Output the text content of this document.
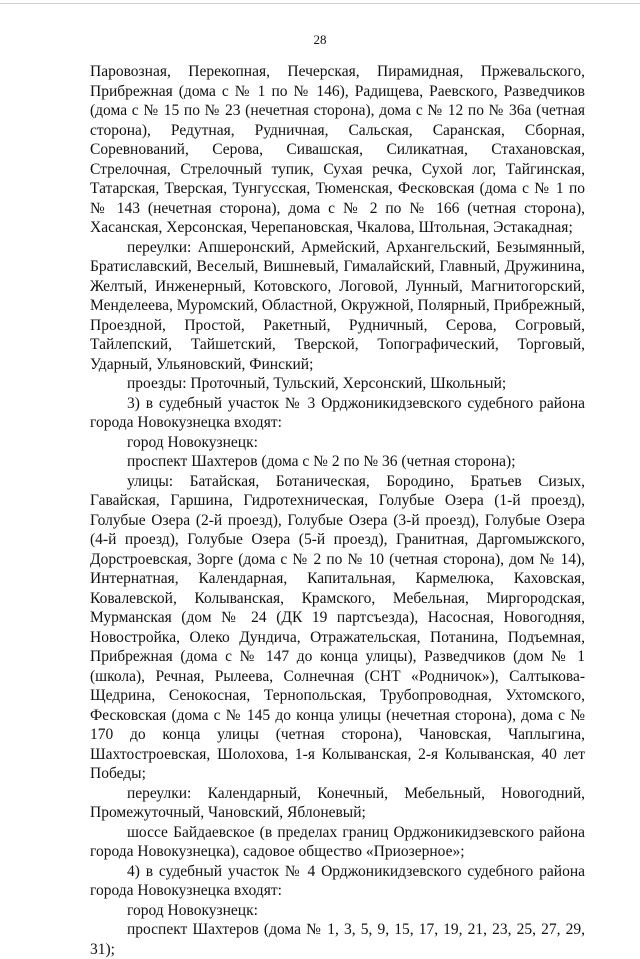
28

Паровозная, Перекопная, Печерская, Пирамидная, Пржевальского, Прибрежная (дома с № 1 по № 146), Радищева, Раевского, Разведчиков (дома с № 15 по № 23 (нечетная сторона), дома с № 12 по № 36а (четная сторона), Редутная, Рудничная, Сальская, Саранская, Сборная, Соревнований, Серова, Сивашская, Силикатная, Стахановская, Стрелочная, Стрелочный тупик, Сухая речка, Сухой лог, Тайгинская, Татарская, Тверская, Тунгусская, Тюменская, Фесковская (дома с № 1 по № 143 (нечетная сторона), дома с № 2 по № 166 (четная сторона), Хасанская, Херсонская, Черепановская, Чкалова, Штольная, Эстакадная;

переулки: Апшеронский, Армейский, Архангельский, Безымянный, Братиславский, Веселый, Вишневый, Гималайский, Главный, Дружинина, Желтый, Инженерный, Котовского, Логовой, Лунный, Магнитогорский, Менделеева, Муромский, Областной, Окружной, Полярный, Прибрежный, Проездной, Простой, Ракетный, Рудничный, Серова, Согровый, Тайлепский, Тайшетский, Тверской, Топографический, Торговый, Ударный, Ульяновский, Финский;

проезды: Проточный, Тульский, Херсонский, Школьный;

3) в судебный участок № 3 Орджоникидзевского судебного района города Новокузнецка входят:

город Новокузнецк:

проспект Шахтеров (дома с № 2 по № 36 (четная сторона);

улицы: Батайская, Ботаническая, Бородино, Братьев Сизых, Гавайская, Гаршина, Гидротехническая, Голубые Озера (1-й проезд), Голубые Озера (2-й проезд), Голубые Озера (3-й проезд), Голубые Озера (4-й проезд), Голубые Озера (5-й проезд), Гранитная, Даргомыжского, Дорстроевская, Зорге (дома с № 2 по № 10 (четная сторона), дом № 14), Интернатная, Календарная, Капитальная, Кармелюка, Каховская, Ковалевской, Колыванская, Крамского, Мебельная, Миргородская, Мурманская (дом № 24 (ДК 19 партсъезда), Насосная, Новогодняя, Новостройка, Олеко Дундича, Отражательская, Потанина, Подъемная, Прибрежная (дома с № 147 до конца улицы), Разведчиков (дом № 1 (школа), Речная, Рылеева, Солнечная (СНТ «Родничок»), Салтыкова-Щедрина, Сенокосная, Тернопольская, Трубопроводная, Ухтомского, Фесковская (дома с № 145 до конца улицы (нечетная сторона), дома с № 170 до конца улицы (четная сторона), Чановская, Чаплыгина, Шахтостроевская, Шолохова, 1-я Колыванская, 2-я Колыванская, 40 лет Победы;

переулки: Календарный, Конечный, Мебельный, Новогодний, Промежуточный, Чановский, Яблоневый;

шоссе Байдаевское (в пределах границ Орджоникидзевского района города Новокузнецка), садовое общество «Приозерное»;

4) в судебный участок № 4 Орджоникидзевского судебного района города Новокузнецка входят:

город Новокузнецк:

проспект Шахтеров (дома № 1, 3, 5, 9, 15, 17, 19, 21, 23, 25, 27, 29, 31);
